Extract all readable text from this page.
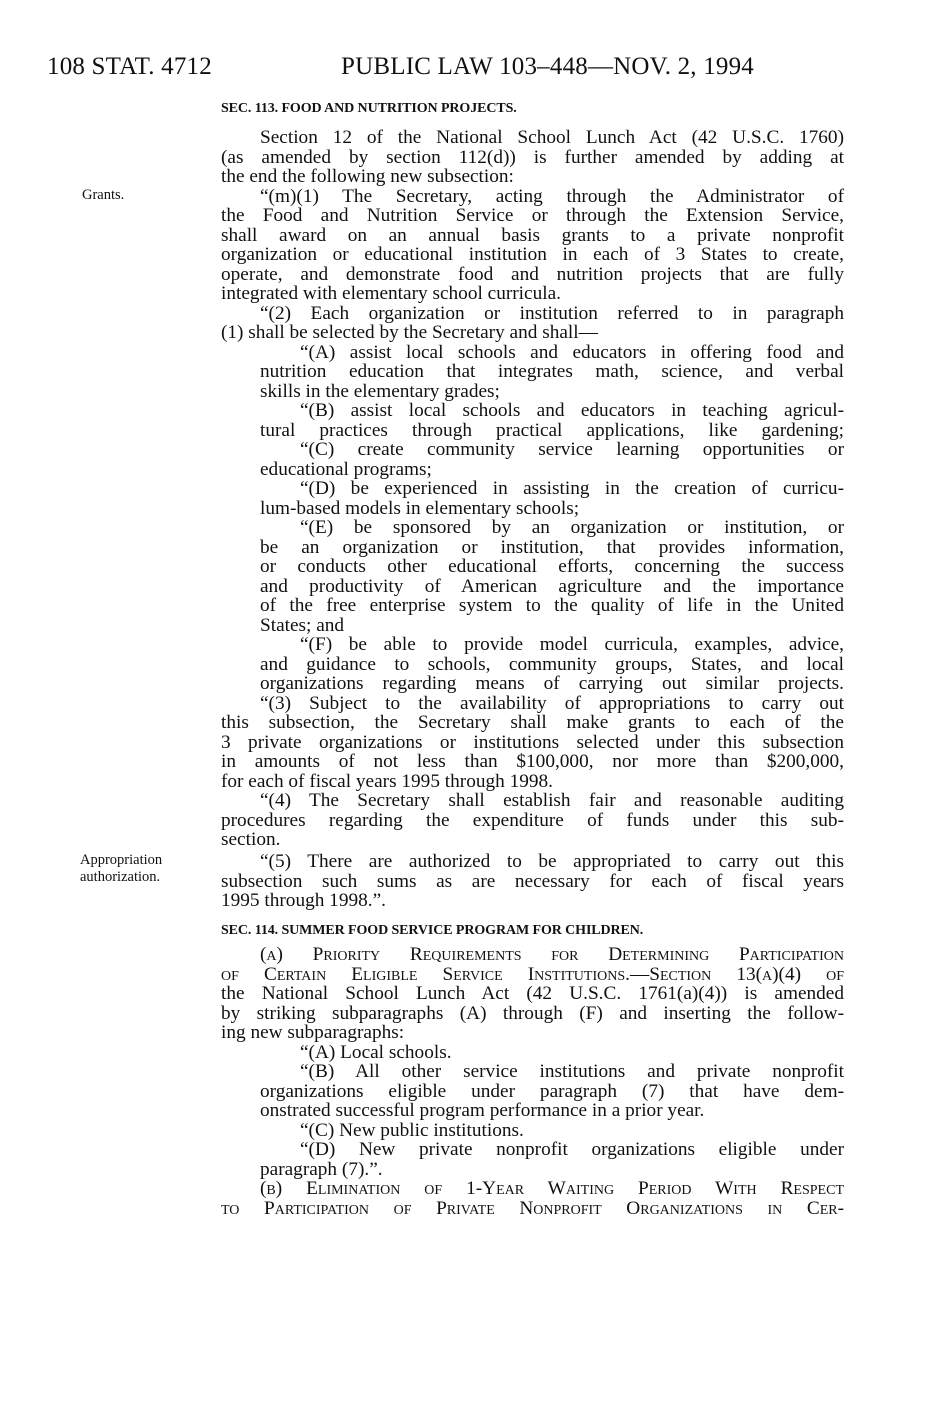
108 STAT. 4712	PUBLIC LAW 103–448—NOV. 2, 1994
Grants.
Appropriation
authorization.
SEC. 113. FOOD AND NUTRITION PROJECTS.
SEC. 114. SUMMER FOOD SERVICE PROGRAM FOR CHILDREN.
Section 12 of the National School Lunch Act (42 U.S.C. 1760)
(as amended by section 112(d)) is further amended by adding at
the end the following new subsection:
“(m)(1) The Secretary, acting through the Administrator of
the Food and Nutrition Service or through the Extension Service,
shall award on an annual basis grants to a private nonprofit
organization or educational institution in each of 3 States to create,
operate, and demonstrate food and nutrition projects that are fully
integrated with elementary school curricula.
“(2) Each organization or institution referred to in paragraph
(1) shall be selected by the Secretary and shall—
“(A) assist local schools and educators in offering food and
nutrition education that integrates math, science, and verbal
skills in the elementary grades;
“(B) assist local schools and educators in teaching agricul-
tural practices through practical applications, like gardening;
“(C) create community service learning opportunities or
educational programs;
“(D) be experienced in assisting in the creation of curricu-
lum-based models in elementary schools;
“(E) be sponsored by an organization or institution, or
be an organization or institution, that provides information,
or conducts other educational efforts, concerning the success
and productivity of American agriculture and the importance
of the free enterprise system to the quality of life in the United
States; and
“(F) be able to provide model curricula, examples, advice,
and guidance to schools, community groups, States, and local
organizations regarding means of carrying out similar projects.
“(3) Subject to the availability of appropriations to carry out
this subsection, the Secretary shall make grants to each of the
3 private organizations or institutions selected under this subsection
in amounts of not less than $100,000, nor more than $200,000,
for each of fiscal years 1995 through 1998.
“(4) The Secretary shall establish fair and reasonable auditing
procedures regarding the expenditure of funds under this sub-
section.
“(5) There are authorized to be appropriated to carry out this
subsection such sums as are necessary for each of fiscal years
1995 through 1998.”.
(a) Priority Requirements for Determining Participation
of Certain Eligible Service Institutions.—Section 13(a)(4) of
the National School Lunch Act (42 U.S.C. 1761(a)(4)) is amended
by striking subparagraphs (A) through (F) and inserting the follow-
ing new subparagraphs:
“(A) Local schools.
“(B) All other service institutions and private nonprofit
organizations eligible under paragraph (7) that have dem-
onstrated successful program performance in a prior year.
“(C) New public institutions.
“(D) New private nonprofit organizations eligible under
paragraph (7).”.
(b) Elimination of 1-Year Waiting Period With Respect
to Participation of Private Nonprofit Organizations in Cer-
